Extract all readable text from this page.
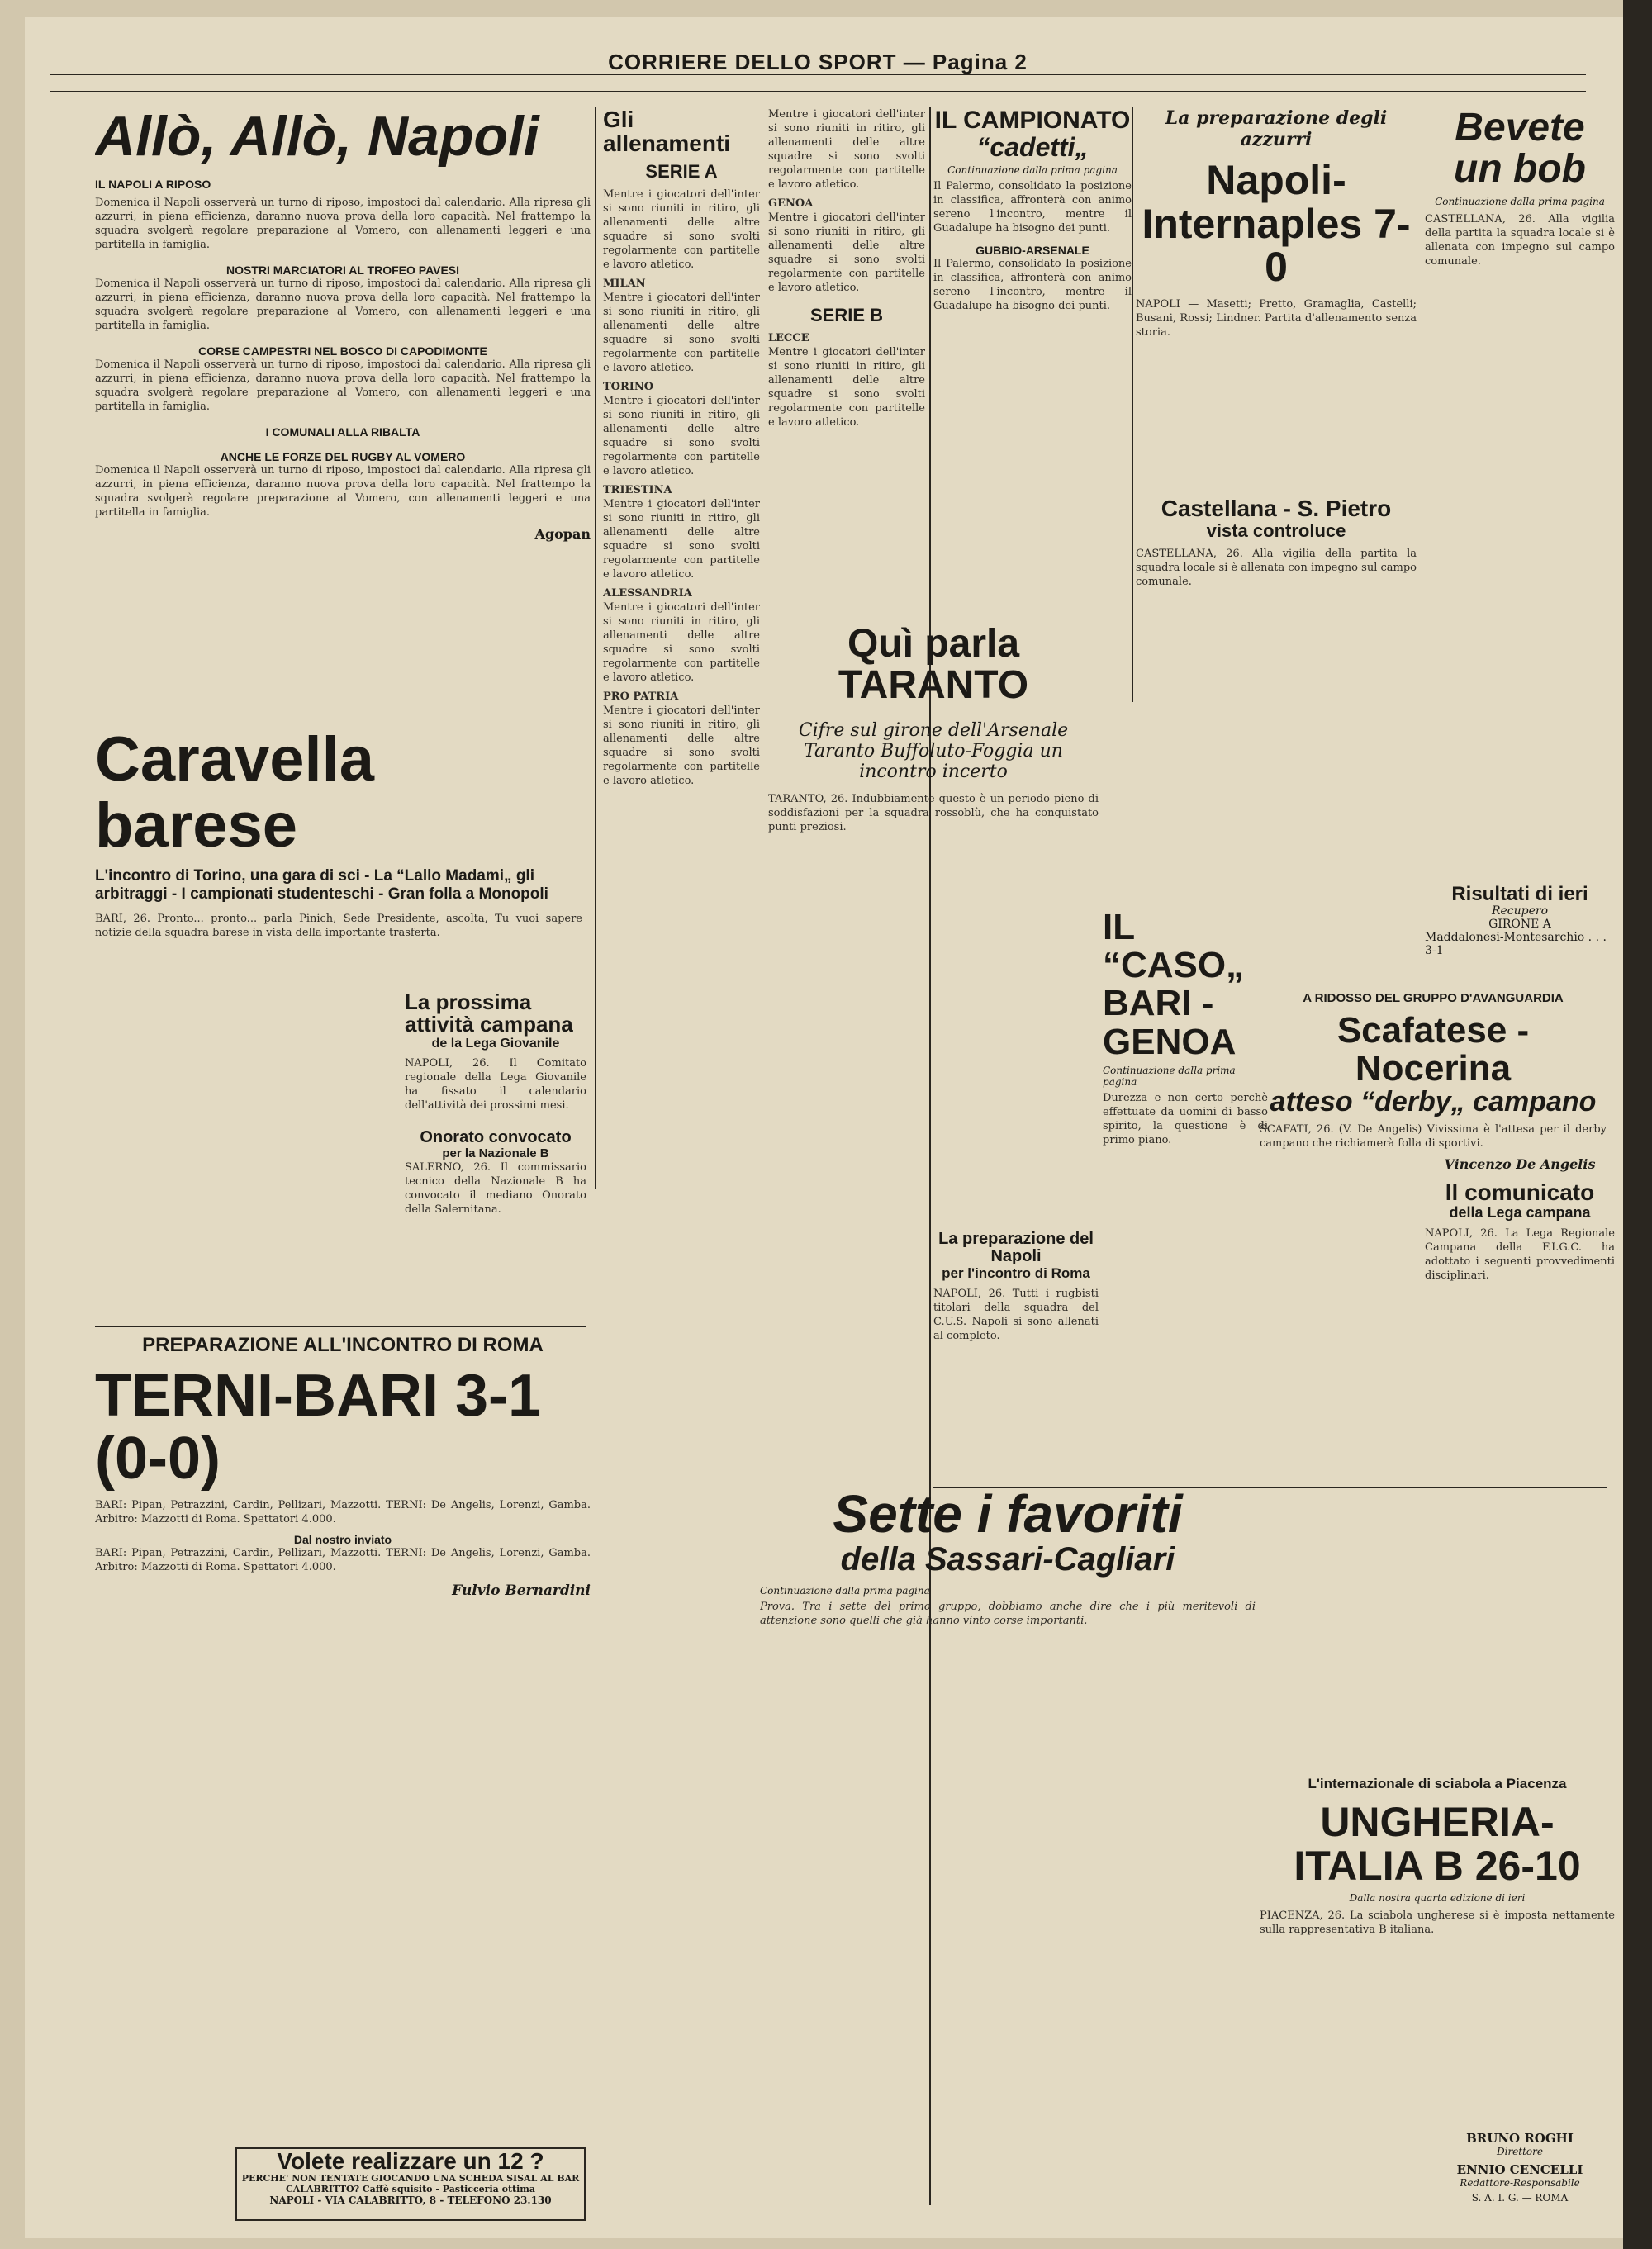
CORRIERE DELLO SPORT — Pagina 2
Allò, Allò, Napoli
IL NAPOLI A RIPOSO
Domenica il Napoli osserverà un turno di riposo, impostoci dal calendario. Alla ripresa gli azzurri, in piena efficienza, daranno nuova prova della loro capacità. Nel frattempo la squadra svolgerà regolare preparazione al Vomero, con allenamenti leggeri e una partitella in famiglia.
NOSTRI MARCIATORI AL TROFEO PAVESI
Domenica il Napoli osserverà un turno di riposo, impostoci dal calendario. Alla ripresa gli azzurri, in piena efficienza, daranno nuova prova della loro capacità. Nel frattempo la squadra svolgerà regolare preparazione al Vomero, con allenamenti leggeri e una partitella in famiglia.
CORSE CAMPESTRI NEL BOSCO DI CAPODIMONTE
Domenica il Napoli osserverà un turno di riposo, impostoci dal calendario. Alla ripresa gli azzurri, in piena efficienza, daranno nuova prova della loro capacità. Nel frattempo la squadra svolgerà regolare preparazione al Vomero, con allenamenti leggeri e una partitella in famiglia.
I COMUNALI ALLA RIBALTA
ANCHE LE FORZE DEL RUGBY AL VOMERO
Domenica il Napoli osserverà un turno di riposo, impostoci dal calendario. Alla ripresa gli azzurri, in piena efficienza, daranno nuova prova della loro capacità. Nel frattempo la squadra svolgerà regolare preparazione al Vomero, con allenamenti leggeri e una partitella in famiglia.
Agopan
Gli allenamenti
SERIE A
Mentre i giocatori dell'inter si sono riuniti in ritiro, gli allenamenti delle altre squadre si sono svolti regolarmente con partitelle e lavoro atletico.
MILAN
Mentre i giocatori dell'inter si sono riuniti in ritiro, gli allenamenti delle altre squadre si sono svolti regolarmente con partitelle e lavoro atletico.
TORINO
Mentre i giocatori dell'inter si sono riuniti in ritiro, gli allenamenti delle altre squadre si sono svolti regolarmente con partitelle e lavoro atletico.
TRIESTINA
Mentre i giocatori dell'inter si sono riuniti in ritiro, gli allenamenti delle altre squadre si sono svolti regolarmente con partitelle e lavoro atletico.
ALESSANDRIA
Mentre i giocatori dell'inter si sono riuniti in ritiro, gli allenamenti delle altre squadre si sono svolti regolarmente con partitelle e lavoro atletico.
PRO PATRIA
Mentre i giocatori dell'inter si sono riuniti in ritiro, gli allenamenti delle altre squadre si sono svolti regolarmente con partitelle e lavoro atletico.
Mentre i giocatori dell'inter si sono riuniti in ritiro, gli allenamenti delle altre squadre si sono svolti regolarmente con partitelle e lavoro atletico.
GENOA
Mentre i giocatori dell'inter si sono riuniti in ritiro, gli allenamenti delle altre squadre si sono svolti regolarmente con partitelle e lavoro atletico.
SERIE B
LECCE
Mentre i giocatori dell'inter si sono riuniti in ritiro, gli allenamenti delle altre squadre si sono svolti regolarmente con partitelle e lavoro atletico.
IL CAMPIONATO
“cadetti„
Continuazione dalla prima pagina
Il Palermo, consolidato la posizione in classifica, affronterà con animo sereno l'incontro, mentre il Guadalupe ha bisogno dei punti.
GUBBIO-ARSENALE
Il Palermo, consolidato la posizione in classifica, affronterà con animo sereno l'incontro, mentre il Guadalupe ha bisogno dei punti.
La preparazione degli azzurri
Napoli-Internaples 7-0
NAPOLI — Masetti; Pretto, Gramaglia, Castelli; Busani, Rossi; Lindner. Partita d'allenamento senza storia.
Castellana - S. Pietro
vista controluce
CASTELLANA, 26. Alla vigilia della partita la squadra locale si è allenata con impegno sul campo comunale.
Bevete
un bob
Continuazione dalla prima pagina
CASTELLANA, 26. Alla vigilia della partita la squadra locale si è allenata con impegno sul campo comunale.
Risultati di ieri
Recupero
GIRONE A
Maddalonesi-Montesarchio . . . 3-1
Caravella barese
L'incontro di Torino, una gara di sci - La “Lallo Madami„ gli arbitraggi - I campionati studenteschi - Gran folla a Monopoli
BARI, 26. Pronto... pronto... parla Pinich, Sede Presidente, ascolta, Tu vuoi sapere notizie della squadra barese in vista della importante trasferta.
La prossima attività campana
de la Lega Giovanile
NAPOLI, 26. Il Comitato regionale della Lega Giovanile ha fissato il calendario dell'attività dei prossimi mesi.
Onorato convocato
per la Nazionale B
SALERNO, 26. Il commissario tecnico della Nazionale B ha convocato il mediano Onorato della Salernitana.
Quì parla TARANTO
Cifre sul girone dell'Arsenale Taranto Buffoluto-Foggia un incontro incerto
TARANTO, 26. Indubbiamente questo è un periodo pieno di soddisfazioni per la squadra rossoblù, che ha conquistato punti preziosi.
IL “CASO„
BARI - GENOA
Continuazione dalla prima pagina
Durezza e non certo perchè effettuate da uomini di basso spirito, la questione è di primo piano.
La preparazione del Napoli
per l'incontro di Roma
NAPOLI, 26. Tutti i rugbisti titolari della squadra del C.U.S. Napoli si sono allenati al completo.
PREPARAZIONE ALL'INCONTRO DI ROMA
TERNI-BARI 3-1 (0-0)
BARI: Pipan, Petrazzini, Cardin, Pellizari, Mazzotti. TERNI: De Angelis, Lorenzi, Gamba. Arbitro: Mazzotti di Roma. Spettatori 4.000.
Dal nostro inviato
BARI: Pipan, Petrazzini, Cardin, Pellizari, Mazzotti. TERNI: De Angelis, Lorenzi, Gamba. Arbitro: Mazzotti di Roma. Spettatori 4.000.
Fulvio Bernardini
Volete realizzare un 12 ?
PERCHE' NON TENTATE GIOCANDO UNA SCHEDA SISAL AL BAR CALABRITTO? Caffè squisito - Pasticceria ottima
NAPOLI - VIA CALABRITTO, 8 - TELEFONO 23.130
Sette i favoriti
della Sassari-Cagliari
Continuazione dalla prima pagina
Prova. Tra i sette del primo gruppo, dobbiamo anche dire che i più meritevoli di attenzione sono quelli che già hanno vinto corse importanti.
A RIDOSSO DEL GRUPPO D'AVANGUARDIA
Scafatese - Nocerina
atteso “derby„ campano
SCAFATI, 26. (V. De Angelis) Vivissima è l'attesa per il derby campano che richiamerà folla di sportivi.
Vincenzo De Angelis
Il comunicato
della Lega campana
NAPOLI, 26. La Lega Regionale Campana della F.I.G.C. ha adottato i seguenti provvedimenti disciplinari.
L'internazionale di sciabola a Piacenza
UNGHERIA-ITALIA B 26-10
Dalla nostra quarta edizione di ieri
PIACENZA, 26. La sciabola ungherese si è imposta nettamente sulla rappresentativa B italiana.
BRUNO ROGHI
Direttore
ENNIO CENCELLI
Redattore-Responsabile
S. A. I. G. — ROMA
